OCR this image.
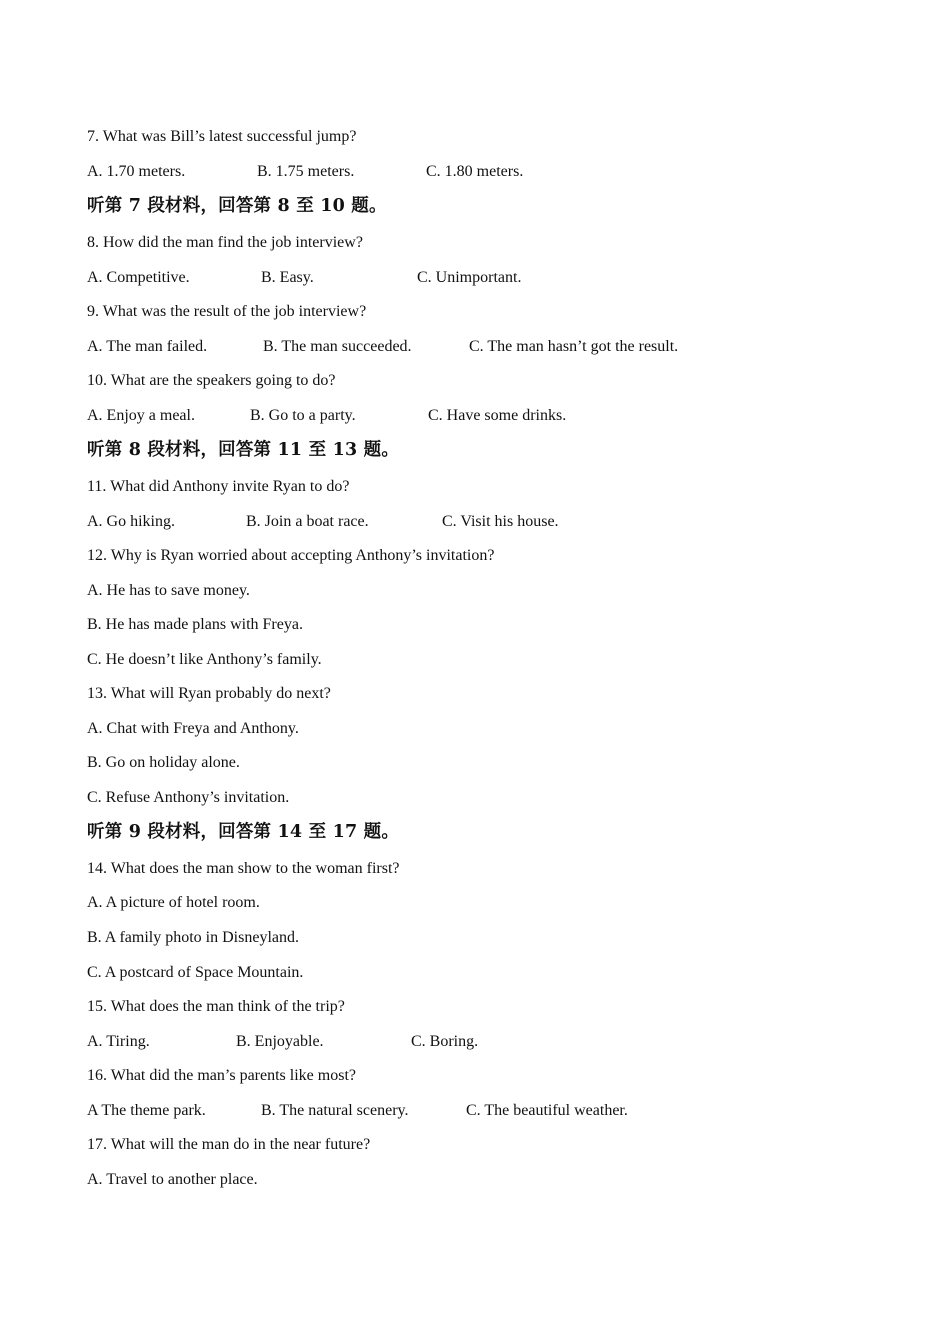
7. What was Bill’s latest successful jump?
A. 1.70 meters.	B. 1.75 meters.	C. 1.80 meters.
听第 7 段材料，回答第 8 至 10 题。
8. How did the man find the job interview?
A. Competitive.	B. Easy.	C. Unimportant.
9. What was the result of the job interview?
A. The man failed.	B. The man succeeded.	C. The man hasn’t got the result.
10. What are the speakers going to do?
A. Enjoy a meal.	B. Go to a party.	C. Have some drinks.
听第 8 段材料，回答第 11 至 13 题。
11. What did Anthony invite Ryan to do?
A. Go hiking.	B. Join a boat race.	C. Visit his house.
12. Why is Ryan worried about accepting Anthony’s invitation?
A. He has to save money.
B. He has made plans with Freya.
C. He doesn’t like Anthony’s family.
13. What will Ryan probably do next?
A. Chat with Freya and Anthony.
B. Go on holiday alone.
C. Refuse Anthony’s invitation.
听第 9 段材料，回答第 14 至 17 题。
14. What does the man show to the woman first?
A. A picture of hotel room.
B. A family photo in Disneyland.
C. A postcard of Space Mountain.
15. What does the man think of the trip?
A. Tiring.	B. Enjoyable.	C. Boring.
16. What did the man’s parents like most?
A The theme park.	B. The natural scenery.	C. The beautiful weather.
17. What will the man do in the near future?
A. Travel to another place.
